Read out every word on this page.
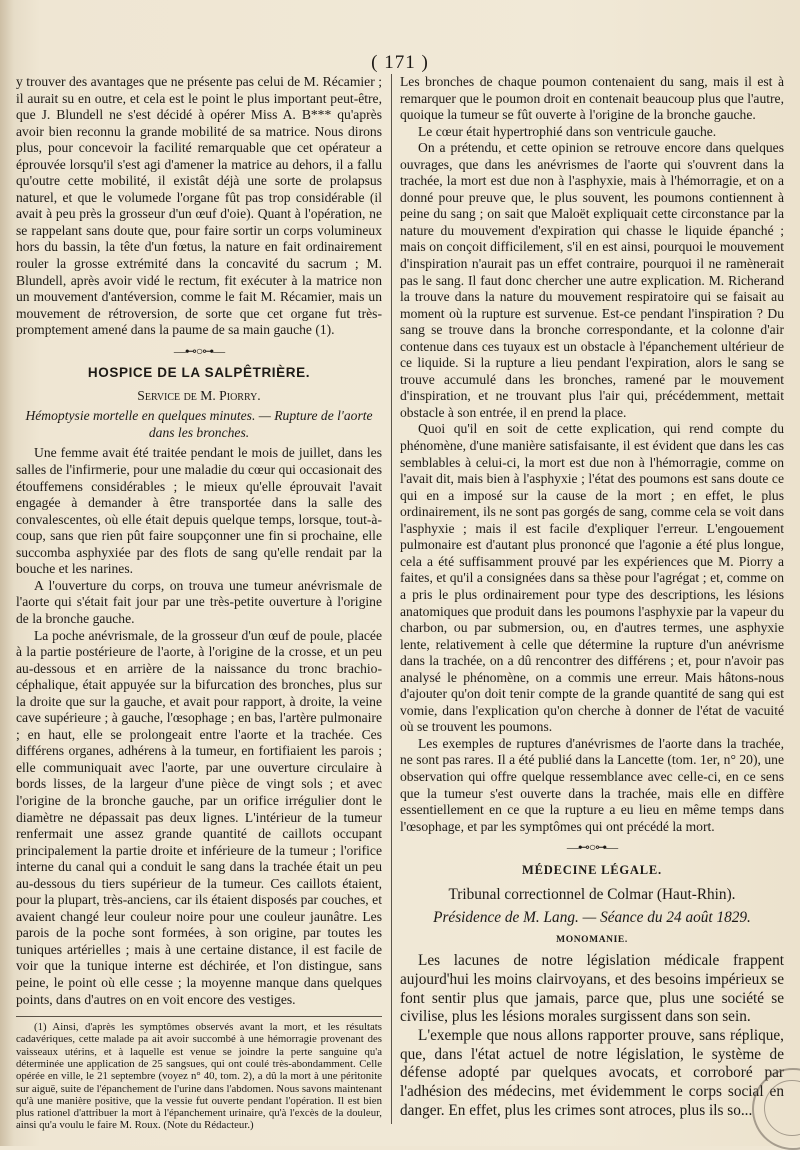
( 171 )

y trouver des avantages que ne présente pas celui de M. Récamier ; il aurait su en outre, et cela est le point le plus important peut-être, que J. Blundell ne s'est décidé à opérer Miss A. B*** qu'après avoir bien reconnu la grande mobilité de sa matrice. Nous dirons plus, pour concevoir la facilité remarquable que cet opérateur a éprouvée lorsqu'il s'est agi d'amener la matrice au dehors, il a fallu qu'outre cette mobilité, il existât déjà une sorte de prolapsus naturel, et que le volumede l'organe fût pas trop considérable (il avait à peu près la grosseur d'un œuf d'oie). Quant à l'opération, ne se rappelant sans doute que, pour faire sortir un corps volumineux hors du bassin, la tête d'un fœtus, la nature en fait ordinairement rouler la grosse extrémité dans la concavité du sacrum ; M. Blundell, après avoir vidé le rectum, fit exécuter à la matrice non un mouvement d'antéversion, comme le fait M. Récamier, mais un mouvement de rétroversion, de sorte que cet organe fut très-promptement amené dans la paume de sa main gauche (1).

—⊷○⊶—
HOSPICE DE LA SALPÊTRIÈRE.
Service de M. Piorry.
Hémoptysie mortelle en quelques minutes. — Rupture de l'aorte dans les bronches.

Une femme avait été traitée pendant le mois de juillet, dans les salles de l'infirmerie, pour une maladie du cœur qui occasionait des étouffemens considérables ; le mieux qu'elle éprouvait l'avait engagée à demander à être transportée dans la salle des convalescentes, où elle était depuis quelque temps, lorsque, tout-à-coup, sans que rien pût faire soupçonner une fin si prochaine, elle succomba asphyxiée par des flots de sang qu'elle rendait par la bouche et les narines.

A l'ouverture du corps, on trouva une tumeur anévrismale de l'aorte qui s'était fait jour par une très-petite ouverture à l'origine de la bronche gauche.

La poche anévrismale, de la grosseur d'un œuf de poule, placée à la partie postérieure de l'aorte, à l'origine de la crosse, et un peu au-dessous et en arrière de la naissance du tronc brachio-céphalique, était appuyée sur la bifurcation des bronches, plus sur la droite que sur la gauche, et avait pour rapport, à droite, la veine cave supérieure ; à gauche, l'œsophage ; en bas, l'artère pulmonaire ; en haut, elle se prolongeait entre l'aorte et la trachée. Ces différens organes, adhérens à la tumeur, en fortifiaient les parois ; elle communiquait avec l'aorte, par une ouverture circulaire à bords lisses, de la largeur d'une pièce de vingt sols ; et avec l'origine de la bronche gauche, par un orifice irrégulier dont le diamètre ne dépassait pas deux lignes. L'intérieur de la tumeur renfermait une assez grande quantité de caillots occupant principalement la partie droite et inférieure de la tumeur ; l'orifice interne du canal qui a conduit le sang dans la trachée était un peu au-dessous du tiers supérieur de la tumeur. Ces caillots étaient, pour la plupart, très-anciens, car ils étaient disposés par couches, et avaient changé leur couleur noire pour une couleur jaunâtre. Les parois de la poche sont formées, à son origine, par toutes les tuniques artérielles ; mais à une certaine distance, il est facile de voir que la tunique interne est déchirée, et l'on distingue, sans peine, le point où elle cesse ; la moyenne manque dans quelques points, dans d'autres on en voit encore des vestiges.

(1) Ainsi, d'après les symptômes observés avant la mort, et les résultats cadavériques, cette malade pa ait avoir succombé à une hémorragie provenant des vaisseaux utérins, et à laquelle est venue se joindre la perte sanguine qu'a déterminée une application de 25 sangsues, qui ont coulé très-abondamment. Celle opérée en ville, le 21 septembre (voyez n° 40, tom. 2), a dû la mort à une péritonite sur aiguë, suite de l'épanchement de l'urine dans l'abdomen. Nous savons maintenant qu'à une manière positive, que la vessie fut ouverte pendant l'opération. Il est bien plus rationel d'attribuer la mort à l'épanchement urinaire, qu'à l'excès de la douleur, ainsi qu'a voulu le faire M. Roux. (Note du Rédacteur.)

Les bronches de chaque poumon contenaient du sang, mais il est à remarquer que le poumon droit en contenait beaucoup plus que l'autre, quoique la tumeur se fût ouverte à l'origine de la bronche gauche.

Le cœur était hypertrophié dans son ventricule gauche.

On a prétendu, et cette opinion se retrouve encore dans quelques ouvrages, que dans les anévrismes de l'aorte qui s'ouvrent dans la trachée, la mort est due non à l'asphyxie, mais à l'hémorragie, et on a donné pour preuve que, le plus souvent, les poumons contiennent à peine du sang ; on sait que Maloët expliquait cette circonstance par la nature du mouvement d'expiration qui chasse le liquide épanché ; mais on conçoit difficilement, s'il en est ainsi, pourquoi le mouvement d'inspiration n'aurait pas un effet contraire, pourquoi il ne ramènerait pas le sang. Il faut donc chercher une autre explication. M. Richerand la trouve dans la nature du mouvement respiratoire qui se faisait au moment où la rupture est survenue. Est-ce pendant l'inspiration ? Du sang se trouve dans la bronche correspondante, et la colonne d'air contenue dans ces tuyaux est un obstacle à l'épanchement ultérieur de ce liquide. Si la rupture a lieu pendant l'expiration, alors le sang se trouve accumulé dans les bronches, ramené par le mouvement d'inspiration, et ne trouvant plus l'air qui, précédemment, mettait obstacle à son entrée, il en prend la place.

Quoi qu'il en soit de cette explication, qui rend compte du phénomène, d'une manière satisfaisante, il est évident que dans les cas semblables à celui-ci, la mort est due non à l'hémorragie, comme on l'avait dit, mais bien à l'asphyxie ; l'état des poumons est sans doute ce qui en a imposé sur la cause de la mort ; en effet, le plus ordinairement, ils ne sont pas gorgés de sang, comme cela se voit dans l'asphyxie ; mais il est facile d'expliquer l'erreur. L'engouement pulmonaire est d'autant plus prononcé que l'agonie a été plus longue, cela a été suffisamment prouvé par les expériences que M. Piorry a faites, et qu'il a consignées dans sa thèse pour l'agrégat ; et, comme on a pris le plus ordinairement pour type des descriptions, les lésions anatomiques que produit dans les poumons l'asphyxie par la vapeur du charbon, ou par submersion, ou, en d'autres termes, une asphyxie lente, relativement à celle que détermine la rupture d'un anévrisme dans la trachée, on a dû rencontrer des différens ; et, pour n'avoir pas analysé le phénomène, on a commis une erreur. Mais hâtons-nous d'ajouter qu'on doit tenir compte de la grande quantité de sang qui est vomie, dans l'explication qu'on cherche à donner de l'état de vacuité où se trouvent les poumons.

Les exemples de ruptures d'anévrismes de l'aorte dans la trachée, ne sont pas rares. Il a été publié dans la Lancette (tom. 1er, n° 20), une observation qui offre quelque ressemblance avec celle-ci, en ce sens que la tumeur s'est ouverte dans la trachée, mais elle en diffère essentiellement en ce que la rupture a eu lieu en même temps dans l'œsophage, et par les symptômes qui ont précédé la mort.

—⊷○⊶—
MÉDECINE LÉGALE.
Tribunal correctionnel de Colmar (Haut-Rhin).
Présidence de M. Lang. — Séance du 24 août 1829.
MONOMANIE.

Les lacunes de notre législation médicale frappent aujourd'hui les moins clairvoyans, et des besoins impérieux se font sentir plus que jamais, parce que, plus une société se civilise, plus les lésions morales surgissent dans son sein.

L'exemple que nous allons rapporter prouve, sans réplique, que, dans l'état actuel de notre législation, le système de défense adopté par quelques avocats, et corroboré par l'adhésion des médecins, met évidemment le corps social en danger. En effet, plus les crimes sont atroces, plus ils so...
